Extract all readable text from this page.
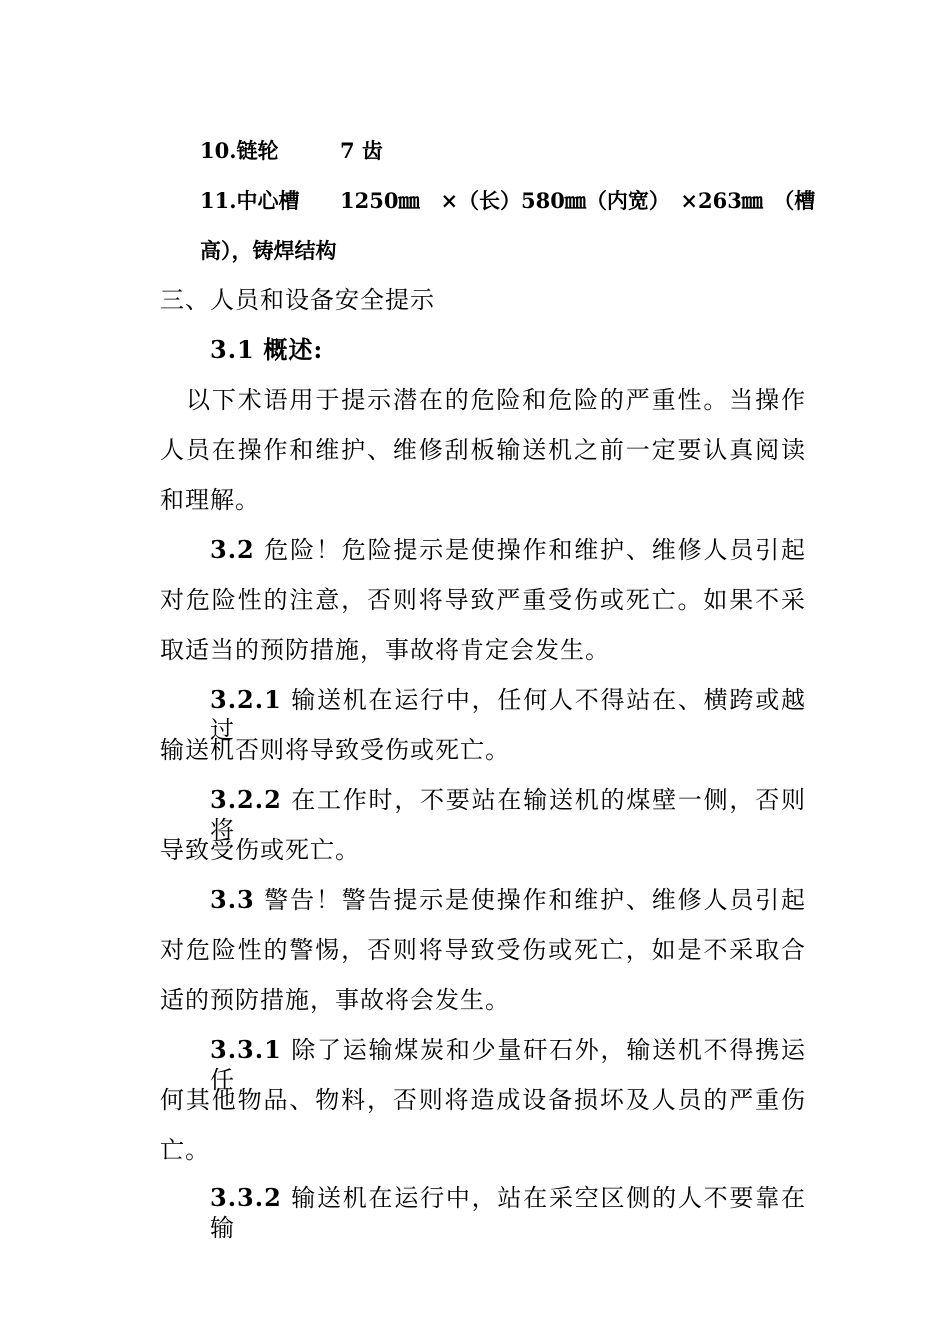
10.链轮	7 齿
11.中心槽 1250㎜　×（长）580㎜（内宽）　×263㎜　（槽
高），铸焊结构
三、人员和设备安全提示
3.1 概述:
以下术语用于提示潜在的危险和危险的严重性。当操作
人员在操作和维护、维修刮板输送机之前一定要认真阅读
和理解。
3.2 危险！危险提示是使操作和维护、维修人员引起
对危险性的注意，否则将导致严重受伤或死亡。如果不采
取适当的预防措施，事故将肯定会发生。
3.2.1 输送机在运行中，任何人不得站在、横跨或越过
输送机否则将导致受伤或死亡。
3.2.2 在工作时，不要站在输送机的煤壁一侧，否则将
导致受伤或死亡。
3.3 警告！警告提示是使操作和维护、维修人员引起
对危险性的警惕，否则将导致受伤或死亡，如是不采取合
适的预防措施，事故将会发生。
3.3.1 除了运输煤炭和少量矸石外，输送机不得携运任
何其他物品、物料，否则将造成设备损坏及人员的严重伤
亡。
3.3.2 输送机在运行中，站在采空区侧的人不要靠在输
